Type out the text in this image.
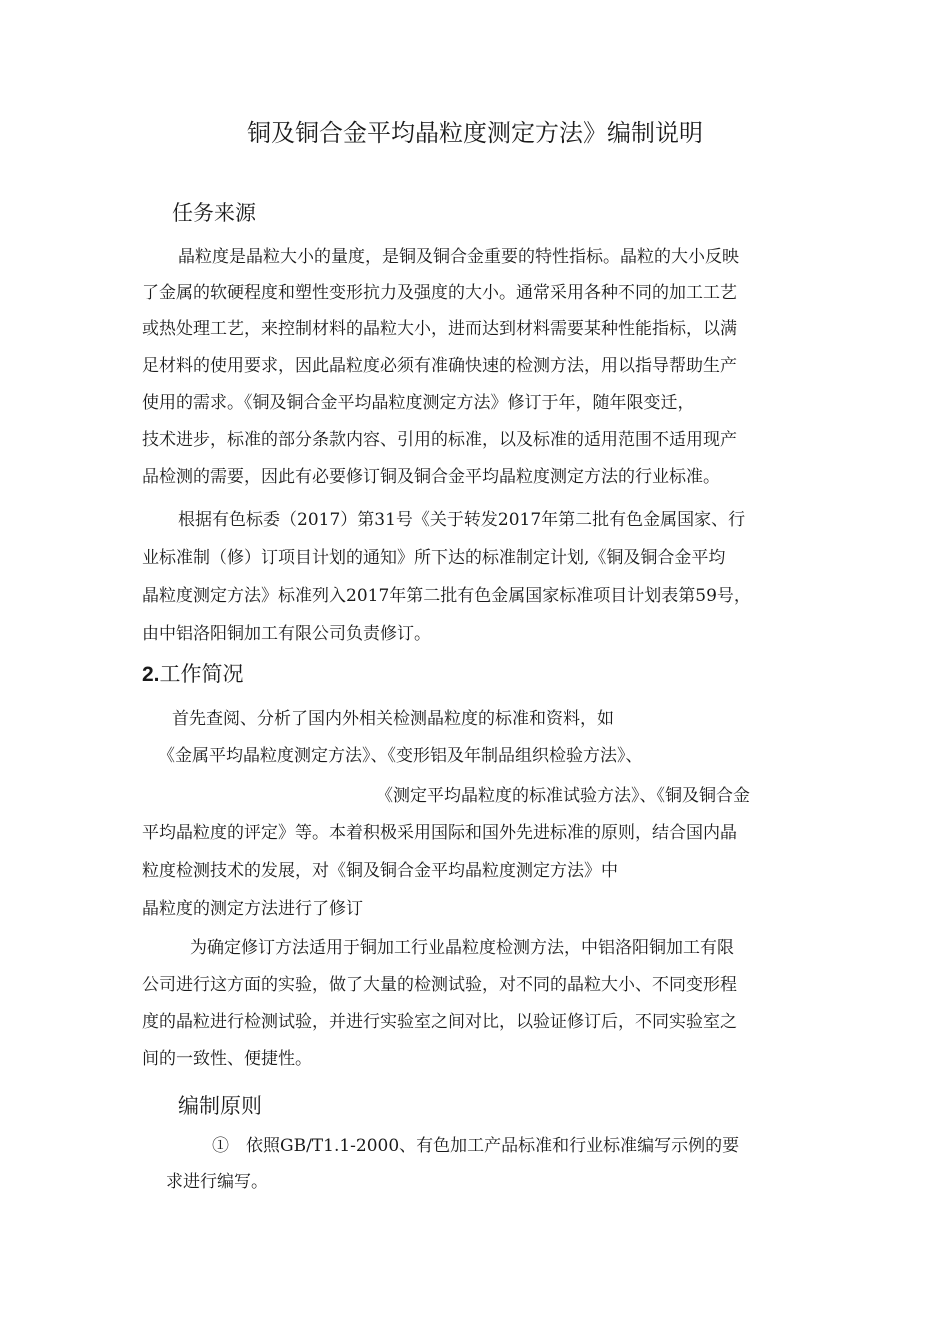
铜及铜合金平均晶粒度测定方法》编制说明
任务来源
晶粒度是晶粒大小的量度，是铜及铜合金重要的特性指标。晶粒的大小反映
了金属的软硬程度和塑性变形抗力及强度的大小。通常采用各种不同的加工工艺
或热处理工艺，来控制材料的晶粒大小，进而达到材料需要某种性能指标，以满
足材料的使用要求，因此晶粒度必须有准确快速的检测方法，用以指导帮助生产
使用的需求。《铜及铜合金平均晶粒度测定方法》修订于年，随年限变迁，
技术进步，标准的部分条款内容、引用的标准，以及标准的适用范围不适用现产
品检测的需要，因此有必要修订铜及铜合金平均晶粒度测定方法的行业标准。
根据有色标委（2017）第31号《关于转发2017年第二批有色金属国家、行
业标准制（修）订项目计划的通知》所下达的标准制定计划,《铜及铜合金平均
晶粒度测定方法》标准列入2017年第二批有色金属国家标准项目计划表第59号，
由中铝洛阳铜加工有限公司负责修订。
2.工作简况
首先查阅、分析了国内外相关检测晶粒度的标准和资料，如
《金属平均晶粒度测定方法》、《变形铝及年制品组织检验方法》、
《测定平均晶粒度的标准试验方法》、《铜及铜合金
平均晶粒度的评定》等。本着积极采用国际和国外先进标准的原则，结合国内晶
粒度检测技术的发展，对《铜及铜合金平均晶粒度测定方法》中
晶粒度的测定方法进行了修订
为确定修订方法适用于铜加工行业晶粒度检测方法，中铝洛阳铜加工有限
公司进行这方面的实验，做了大量的检测试验，对不同的晶粒大小、不同变形程
度的晶粒进行检测试验，并进行实验室之间对比，以验证修订后，不同实验室之
间的一致性、便捷性。
编制原则
①　依照GB/T1.1-2000、有色加工产品标准和行业标准编写示例的要
求进行编写。
